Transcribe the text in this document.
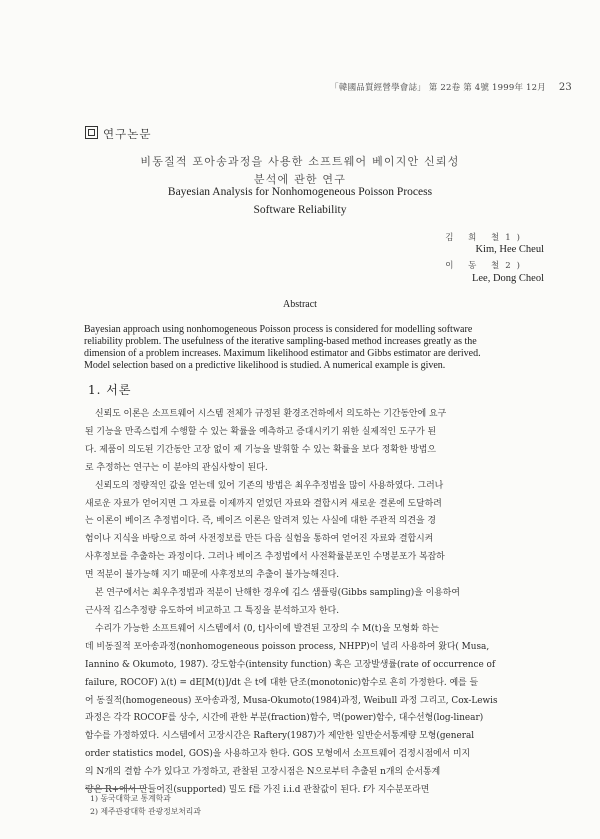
「韓國品質經營學會誌」 第 22卷 第 4號 1999年 12月 23
연구논문
비동질적 포아송과정을 사용한 소프트웨어 베이지안 신뢰성
분석에 관한 연구
Bayesian Analysis for Nonhomogeneous Poisson Process
Software Reliability
김 희 철1)
Kim, Hee Cheul
이 동 철2)
Lee, Dong Cheol
Abstract
Bayesian approach using nonhomogeneous Poisson process is considered for modelling software
reliability problem. The usefulness of the iterative sampling-based method increases greatly as the
dimension of a problem increases. Maximum likelihood estimator and Gibbs estimator are derived.
Model selection based on a predictive likelihood is studied. A numerical example is given.
1. 서론
신뢰도 이론은 소프트웨어 시스템 전체가 규정된 환경조건하에서 의도하는 기간동안에 요구
된 기능을 만족스럽게 수행할 수 있는 확률을 예측하고 증대시키기 위한 실제적인 도구가 된
다. 제품이 의도된 기간동안 고장 없이 제 기능을 발휘할 수 있는 확률을 보다 정확한 방법으
로 추정하는 연구는 이 분야의 관심사항이 된다.
신뢰도의 정량적인 값을 얻는데 있어 기존의 방법은 최우추정법을 많이 사용하였다. 그러나
새로운 자료가 얻어지면 그 자료를 이제까지 얻었던 자료와 결합시켜 새로운 결론에 도달하려
는 이론이 베이즈 추정법이다. 즉, 베이즈 이론은 알려져 있는 사실에 대한 주관적 의견을 경
험이나 지식을 바탕으로 하여 사전정보를 만든 다음 실험을 통하여 얻어진 자료와 결합시켜
사후정보를 추출하는 과정이다. 그러나 베이즈 추정법에서 사전확률분포인 수명분포가 복잡하
면 적분이 불가능해 지기 때문에 사후정보의 추출이 불가능해진다.
본 연구에서는 최우추정법과 적분이 난해한 경우에 깁스 샘플링(Gibbs sampling)을 이용하여
근사적 깁스추정량 유도하여 비교하고 그 특징을 분석하고자 한다.
수리가 가능한 소프트웨어 시스템에서 (0, t]사이에 발견된 고장의 수 M(t)을 모형화 하는
데 비동질적 포아송과정(nonhomogeneous poisson process, NHPP)이 널리 사용하여 왔다( Musa,
Iannino & Okumoto, 1987). 강도함수(intensity function) 혹은 고장발생률(rate of occurrence of
failure, ROCOF) λ(t) = dE[M(t)]/dt 은 t에 대한 단조(monotonic)함수로 흔히 가정한다. 예를 들
어 동질적(homogeneous) 포아송과정, Musa-Okumoto(1984)과정, Weibull 과정 그리고, Cox-Lewis
과정은 각각 ROCOF를 상수, 시간에 관한 부분(fraction)함수, 멱(power)함수, 대수선형(log-linear)
함수를 가정하였다. 시스템에서 고장시간은 Raftery(1987)가 제안한 일반순서통계량 모형(general
order statistics model, GOS)을 사용하고자 한다. GOS 모형에서 소프트웨어 검정시점에서 미지
의 N개의 결함 수가 있다고 가정하고, 관찰된 고장시점은 N으로부터 추출된 n개의 순서통계
량은 R+에서 만들어진(supported) 밀도 f를 가진 i.i.d 관찰값이 된다. f가 지수분포라면
1) 동국대학교 통계학과
2) 제주관광대학 관광정보처리과
